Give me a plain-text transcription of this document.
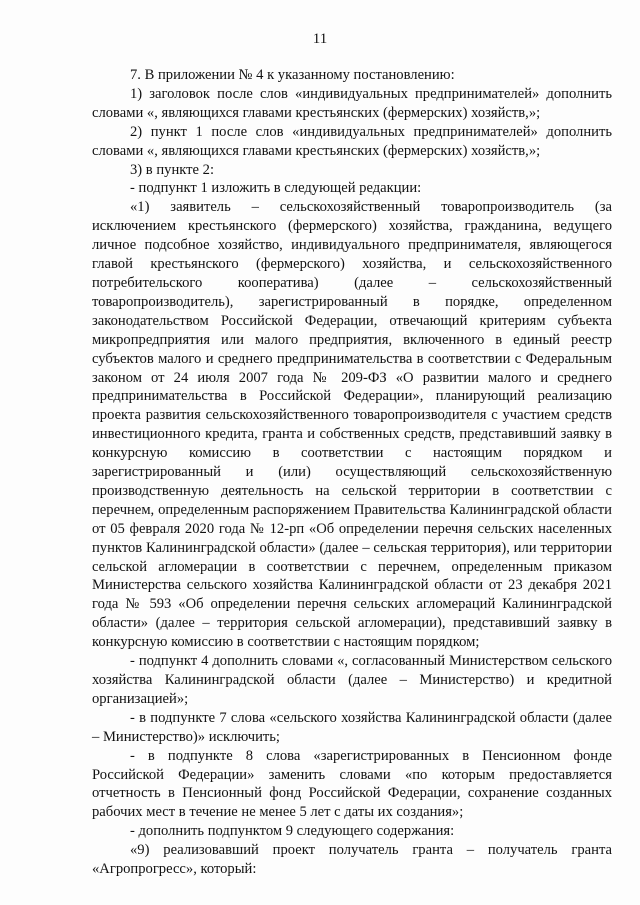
11

7. В приложении № 4 к указанному постановлению:

1) заголовок после слов «индивидуальных предпринимателей» дополнить словами «, являющихся главами крестьянских (фермерских) хозяйств,»;

2) пункт 1 после слов «индивидуальных предпринимателей» дополнить словами «, являющихся главами крестьянских (фермерских) хозяйств,»;

3) в пункте 2:

- подпункт 1 изложить в следующей редакции:

«1) заявитель – сельскохозяйственный товаропроизводитель (за исключением крестьянского (фермерского) хозяйства, гражданина, ведущего личное подсобное хозяйство, индивидуального предпринимателя, являющегося главой крестьянского (фермерского) хозяйства, и сельскохозяйственного потребительского кооператива) (далее – сельскохозяйственный товаропроизводитель), зарегистрированный в порядке, определенном законодательством Российской Федерации, отвечающий критериям субъекта микропредприятия или малого предприятия, включенного в единый реестр субъектов малого и среднего предпринимательства в соответствии с Федеральным законом от 24 июля 2007 года № 209-ФЗ «О развитии малого и среднего предпринимательства в Российской Федерации», планирующий реализацию проекта развития сельскохозяйственного товаропроизводителя с участием средств инвестиционного кредита, гранта и собственных средств, представивший заявку в конкурсную комиссию в соответствии с настоящим порядком и зарегистрированный и (или) осуществляющий сельскохозяйственную производственную деятельность на сельской территории в соответствии с перечнем, определенным распоряжением Правительства Калининградской области от 05 февраля 2020 года № 12-рп «Об определении перечня сельских населенных пунктов Калининградской области» (далее – сельская территория), или территории сельской агломерации в соответствии с перечнем, определенным приказом Министерства сельского хозяйства Калининградской области от 23 декабря 2021 года № 593 «Об определении перечня сельских агломераций Калининградской области» (далее – территория сельской агломерации), представивший заявку в конкурсную комиссию в соответствии с настоящим порядком;

- подпункт 4 дополнить словами «, согласованный Министерством сельского хозяйства Калининградской области (далее – Министерство) и кредитной организацией»;

- в подпункте 7 слова «сельского хозяйства Калининградской области (далее – Министерство)» исключить;

- в подпункте 8 слова «зарегистрированных в Пенсионном фонде Российской Федерации» заменить словами «по которым предоставляется отчетность в Пенсионный фонд Российской Федерации, сохранение созданных рабочих мест в течение не менее 5 лет с даты их создания»;

- дополнить подпунктом 9 следующего содержания:

«9) реализовавший проект получатель гранта – получатель гранта «Агропрогресс», который:
